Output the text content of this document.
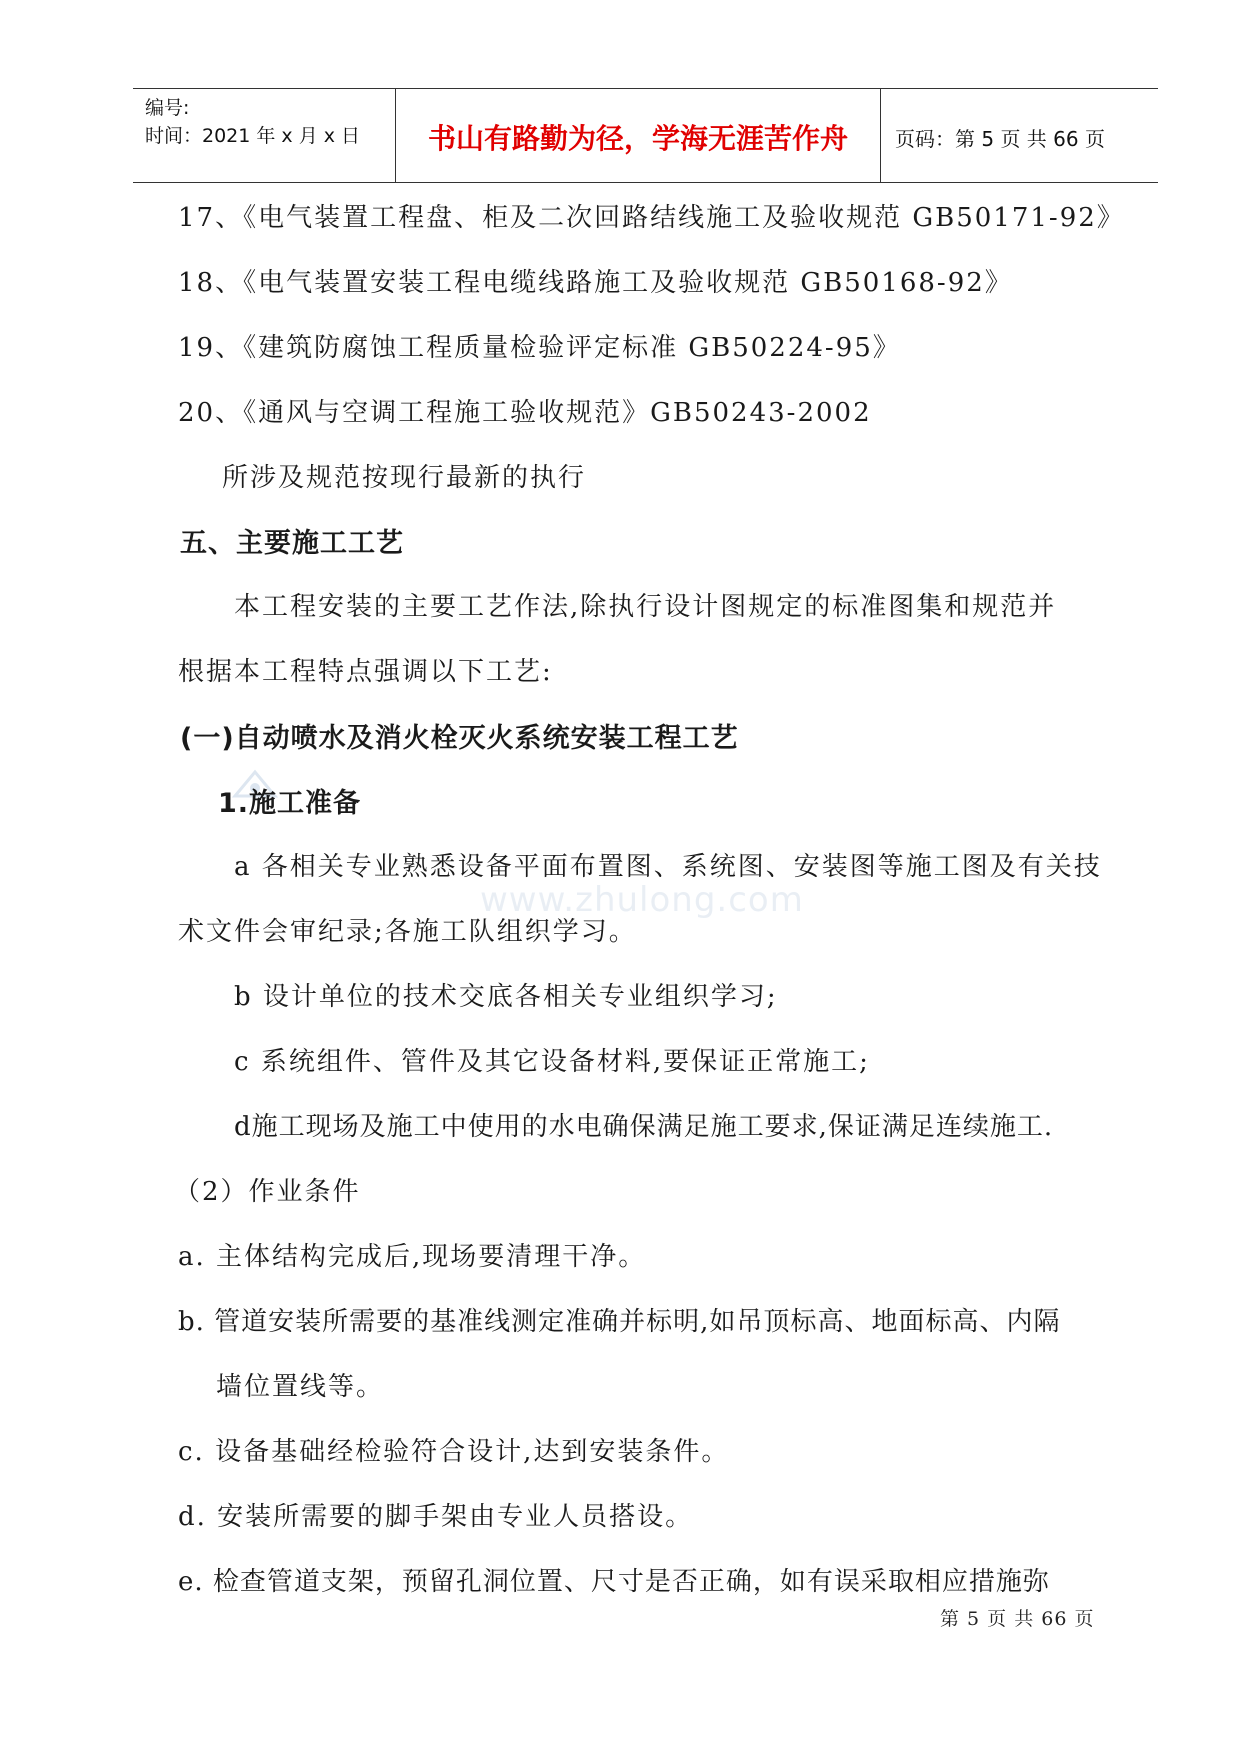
编号:
时间：2021 年 x 月 x 日	书山有路勤为径，学海无涯苦作舟	页码：第 5 页 共 66 页
www.zhulong.com
17、《电气装置工程盘、柜及二次回路结线施工及验收规范 GB50171-92》
18、《电气装置安装工程电缆线路施工及验收规范 GB50168-92》
19、《建筑防腐蚀工程质量检验评定标准 GB50224-95》
20、《通风与空调工程施工验收规范》GB50243-2002
所涉及规范按现行最新的执行
五、主要施工工艺
本工程安装的主要工艺作法,除执行设计图规定的标准图集和规范并
根据本工程特点强调以下工艺:
(一)自动喷水及消火栓灭火系统安装工程工艺
1.施工准备
a 各相关专业熟悉设备平面布置图、系统图、安装图等施工图及有关技
术文件会审纪录;各施工队组织学习。
b 设计单位的技术交底各相关专业组织学习;
c 系统组件、管件及其它设备材料,要保证正常施工;
d施工现场及施工中使用的水电确保满足施工要求,保证满足连续施工.
（2）作业条件
a. 主体结构完成后,现场要清理干净。
b. 管道安装所需要的基准线测定准确并标明,如吊顶标高、地面标高、内隔
墙位置线等。
c. 设备基础经检验符合设计,达到安装条件。
d. 安装所需要的脚手架由专业人员搭设。
e. 检查管道支架，预留孔洞位置、尺寸是否正确，如有误采取相应措施弥
第 5 页 共 66 页
